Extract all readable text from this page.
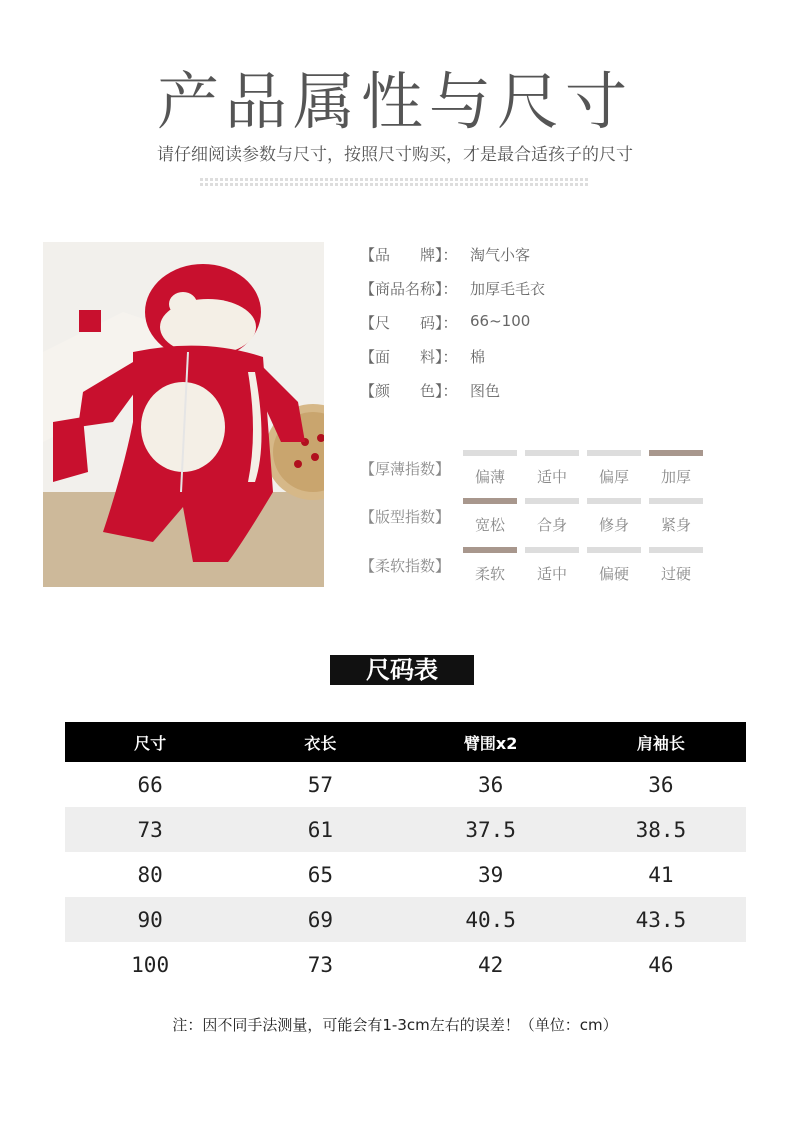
产品属性与尺寸
请仔细阅读参数与尺寸，按照尺寸购买，才是最合适孩子的尺寸
【品　　牌】： 淘气小客
【商品名称】： 加厚毛毛衣
【尺　　码】： 66~100
【面　　料】： 棉
【颜　　色】： 图色
【厚薄指数】	偏薄	适中	偏厚	加厚
【版型指数】	宽松	合身	修身	紧身
【柔软指数】	柔软	适中	偏硬	过硬
尺码表
尺寸	衣长	臂围x2	肩袖长
66	57	36	36
73	61	37.5	38.5
80	65	39	41
90	69	40.5	43.5
100	73	42	46
注：因不同手法测量，可能会有1-3cm左右的误差！（单位：cm）
